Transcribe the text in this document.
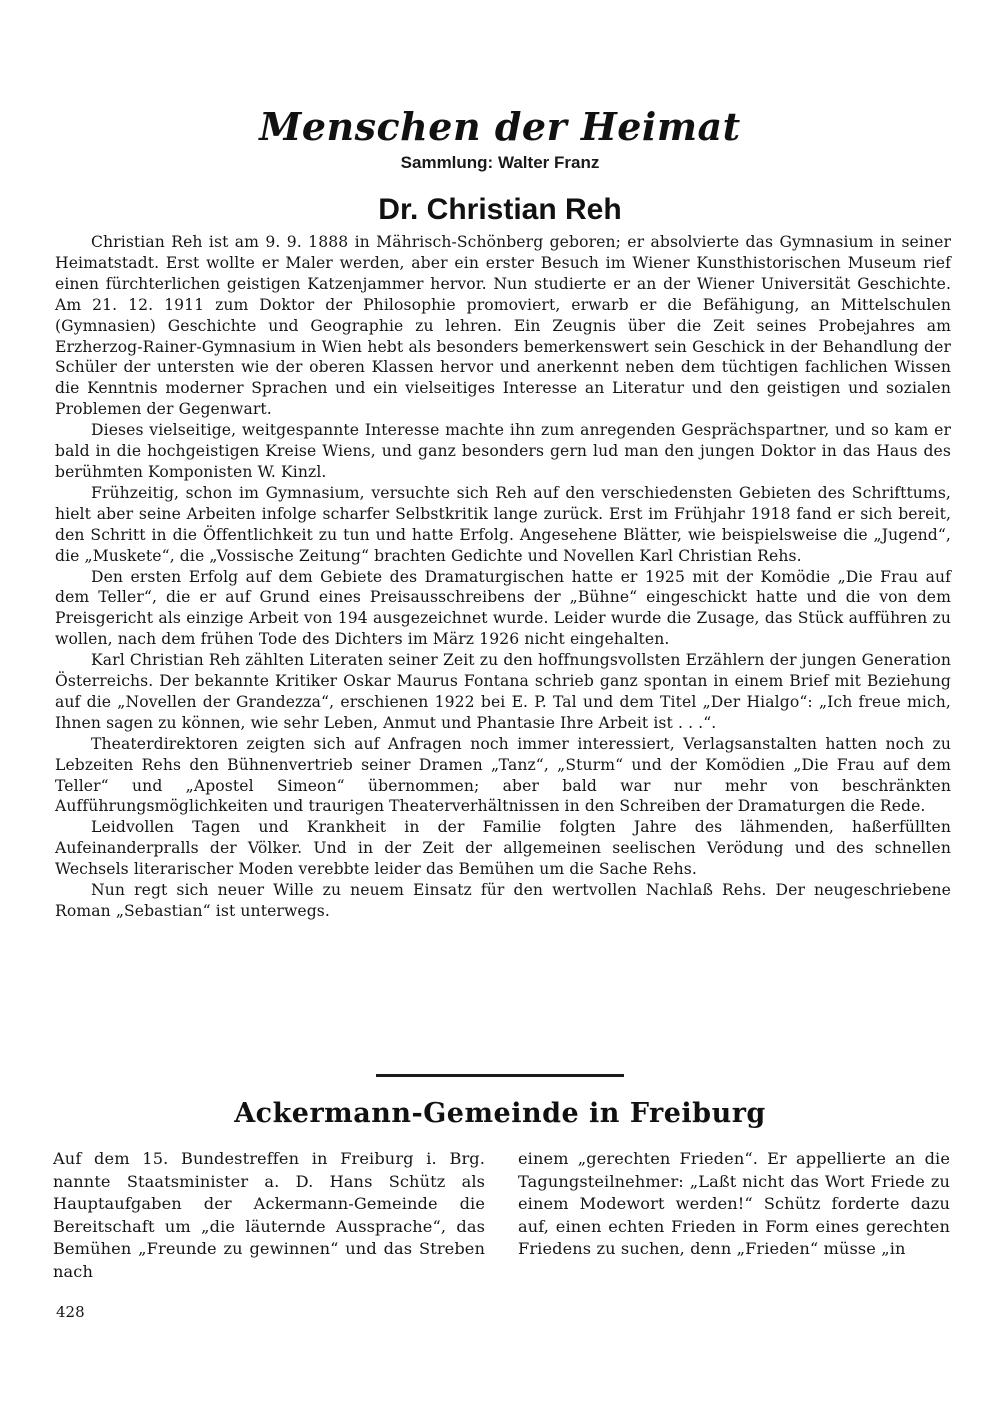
Menschen der Heimat
Sammlung: Walter Franz
Dr. Christian Reh

Christian Reh ist am 9. 9. 1888 in Mährisch-Schönberg geboren; er absolvierte das Gymnasium in seiner Heimatstadt. Erst wollte er Maler werden, aber ein erster Besuch im Wiener Kunsthistorischen Museum rief einen fürchterlichen geistigen Katzenjammer hervor. Nun studierte er an der Wiener Universität Geschichte. Am 21. 12. 1911 zum Doktor der Philosophie promoviert, erwarb er die Befähigung, an Mittelschulen (Gymnasien) Geschichte und Geographie zu lehren. Ein Zeugnis über die Zeit seines Probejahres am Erzherzog-Rainer-Gymnasium in Wien hebt als besonders bemerkenswert sein Geschick in der Behandlung der Schüler der untersten wie der oberen Klassen hervor und anerkennt neben dem tüchtigen fachlichen Wissen die Kenntnis moderner Sprachen und ein vielseitiges Interesse an Literatur und den geistigen und sozialen Problemen der Gegenwart.

Dieses vielseitige, weitgespannte Interesse machte ihn zum anregenden Gesprächspartner, und so kam er bald in die hochgeistigen Kreise Wiens, und ganz besonders gern lud man den jungen Doktor in das Haus des berühmten Komponisten W. Kinzl.

Frühzeitig, schon im Gymnasium, versuchte sich Reh auf den verschiedensten Gebieten des Schrifttums, hielt aber seine Arbeiten infolge scharfer Selbstkritik lange zurück. Erst im Frühjahr 1918 fand er sich bereit, den Schritt in die Öffentlichkeit zu tun und hatte Erfolg. Angesehene Blätter, wie beispielsweise die „Jugend“, die „Muskete“, die „Vossische Zeitung“ brachten Gedichte und Novellen Karl Christian Rehs.

Den ersten Erfolg auf dem Gebiete des Dramaturgischen hatte er 1925 mit der Komödie „Die Frau auf dem Teller“, die er auf Grund eines Preisausschreibens der „Bühne“ eingeschickt hatte und die von dem Preisgericht als einzige Arbeit von 194 ausgezeichnet wurde. Leider wurde die Zusage, das Stück aufführen zu wollen, nach dem frühen Tode des Dichters im März 1926 nicht eingehalten.

Karl Christian Reh zählten Literaten seiner Zeit zu den hoffnungsvollsten Erzählern der jungen Generation Österreichs. Der bekannte Kritiker Oskar Maurus Fontana schrieb ganz spontan in einem Brief mit Beziehung auf die „Novellen der Grandezza“, erschienen 1922 bei E. P. Tal und dem Titel „Der Hialgo“: „Ich freue mich, Ihnen sagen zu können, wie sehr Leben, Anmut und Phantasie Ihre Arbeit ist . . .“.

Theaterdirektoren zeigten sich auf Anfragen noch immer interessiert, Verlagsanstalten hatten noch zu Lebzeiten Rehs den Bühnenvertrieb seiner Dramen „Tanz“, „Sturm“ und der Komödien „Die Frau auf dem Teller“ und „Apostel Simeon“ übernommen; aber bald war nur mehr von beschränkten Aufführungsmöglichkeiten und traurigen Theaterverhältnissen in den Schreiben der Dramaturgen die Rede.

Leidvollen Tagen und Krankheit in der Familie folgten Jahre des lähmenden, haßerfüllten Aufeinanderpralls der Völker. Und in der Zeit der allgemeinen seelischen Verödung und des schnellen Wechsels literarischer Moden verebbte leider das Bemühen um die Sache Rehs.

Nun regt sich neuer Wille zu neuem Einsatz für den wertvollen Nachlaß Rehs. Der neugeschriebene Roman „Sebastian“ ist unterwegs.

Ackermann-Gemeinde in Freiburg

Auf dem 15. Bundestreffen in Freiburg i. Brg. nannte Staatsminister a. D. Hans Schütz als Hauptaufgaben der Ackermann-Gemeinde die Bereitschaft um „die läuternde Aussprache“, das Bemühen „Freunde zu gewinnen“ und das Streben nach

einem „gerechten Frieden“. Er appellierte an die Tagungsteilnehmer: „Laßt nicht das Wort Friede zu einem Modewort werden!“ Schütz forderte dazu auf, einen echten Frieden in Form eines gerechten Friedens zu suchen, denn „Frieden“ müsse „in

428
